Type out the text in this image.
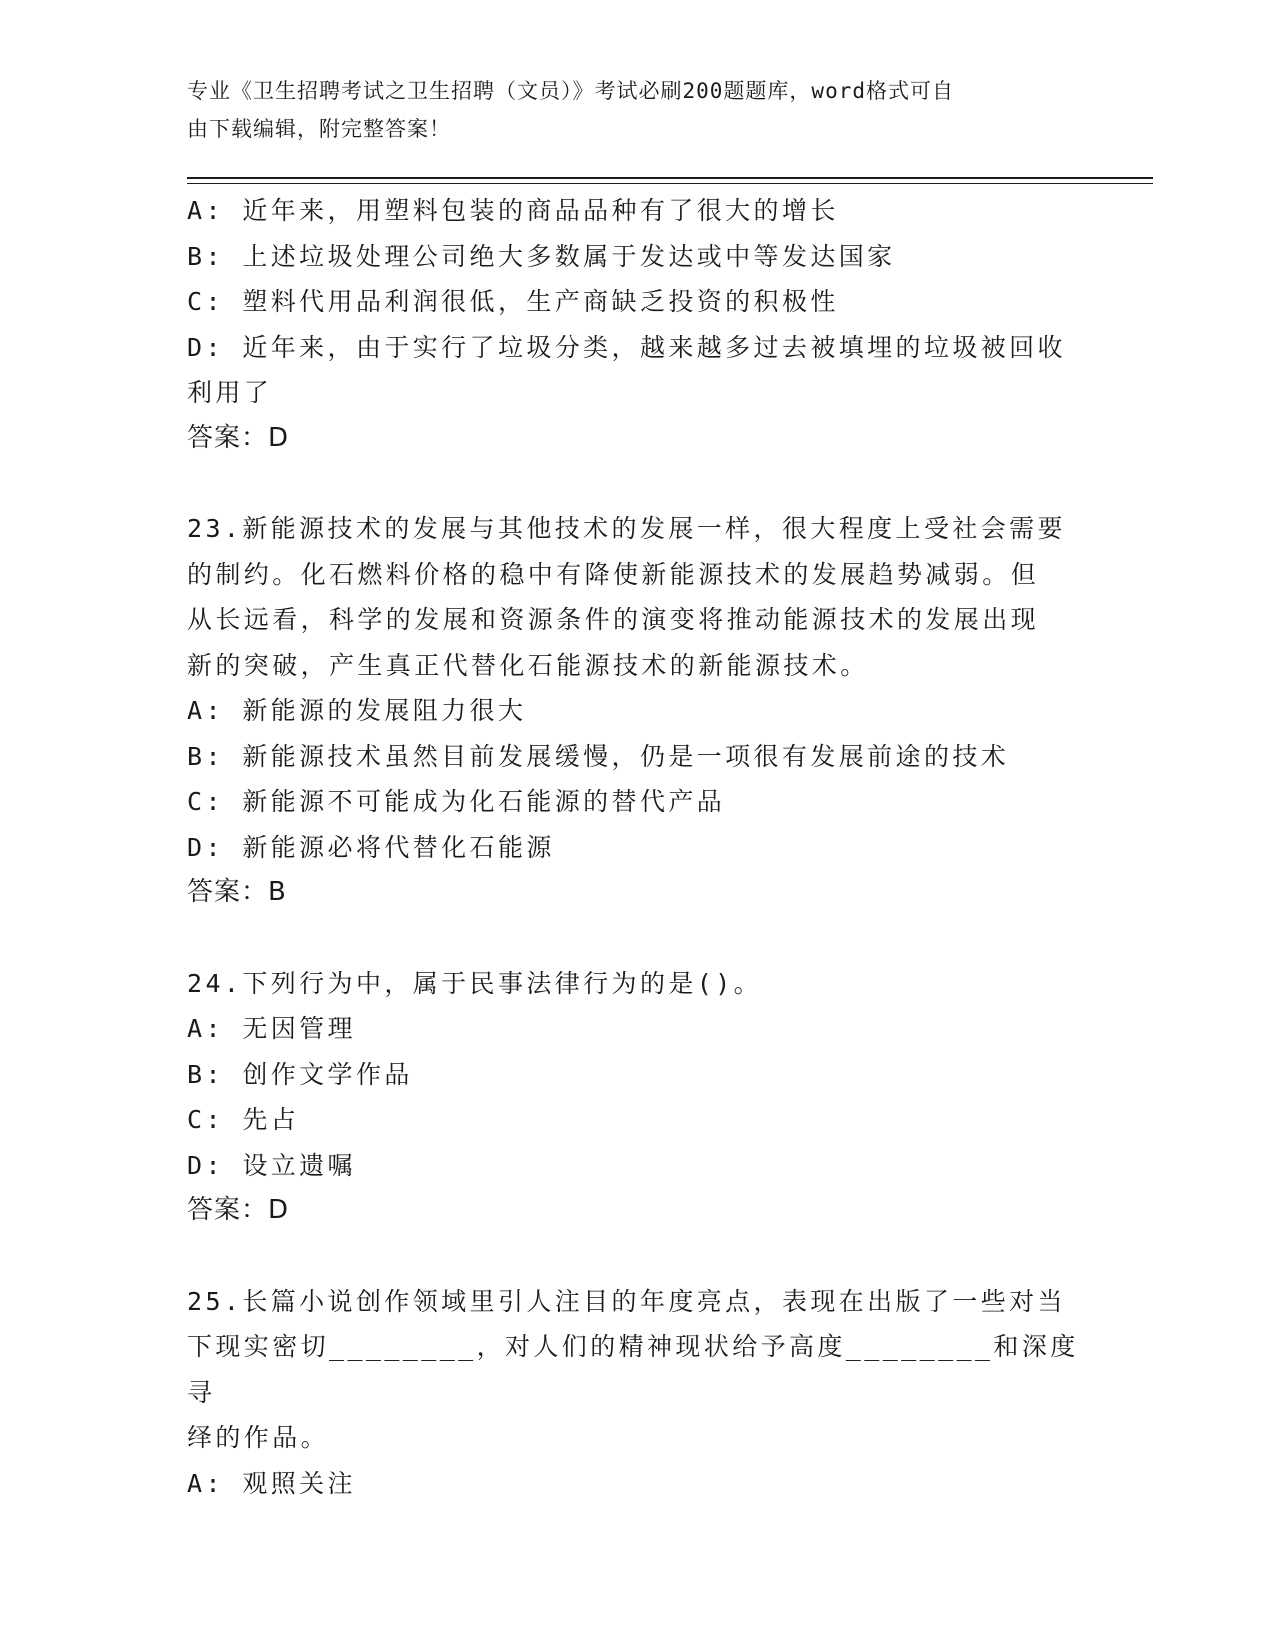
专业《卫生招聘考试之卫生招聘（文员）》考试必刷200题题库，word格式可自
由下载编辑，附完整答案！
A: 近年来，用塑料包装的商品品种有了很大的增长
B: 上述垃圾处理公司绝大多数属于发达或中等发达国家
C: 塑料代用品利润很低，生产商缺乏投资的积极性
D: 近年来，由于实行了垃圾分类，越来越多过去被填埋的垃圾被回收
利用了
答案：D
23.新能源技术的发展与其他技术的发展一样，很大程度上受社会需要
的制约。化石燃料价格的稳中有降使新能源技术的发展趋势减弱。但
从长远看，科学的发展和资源条件的演变将推动能源技术的发展出现
新的突破，产生真正代替化石能源技术的新能源技术。
A: 新能源的发展阻力很大
B: 新能源技术虽然目前发展缓慢，仍是一项很有发展前途的技术
C: 新能源不可能成为化石能源的替代产品
D: 新能源必将代替化石能源
答案：B
24.下列行为中，属于民事法律行为的是()。
A: 无因管理
B: 创作文学作品
C: 先占
D: 设立遗嘱
答案：D
25.长篇小说创作领域里引人注目的年度亮点，表现在出版了一些对当
下现实密切________，对人们的精神现状给予高度________和深度寻
绎的作品。
A: 观照关注
